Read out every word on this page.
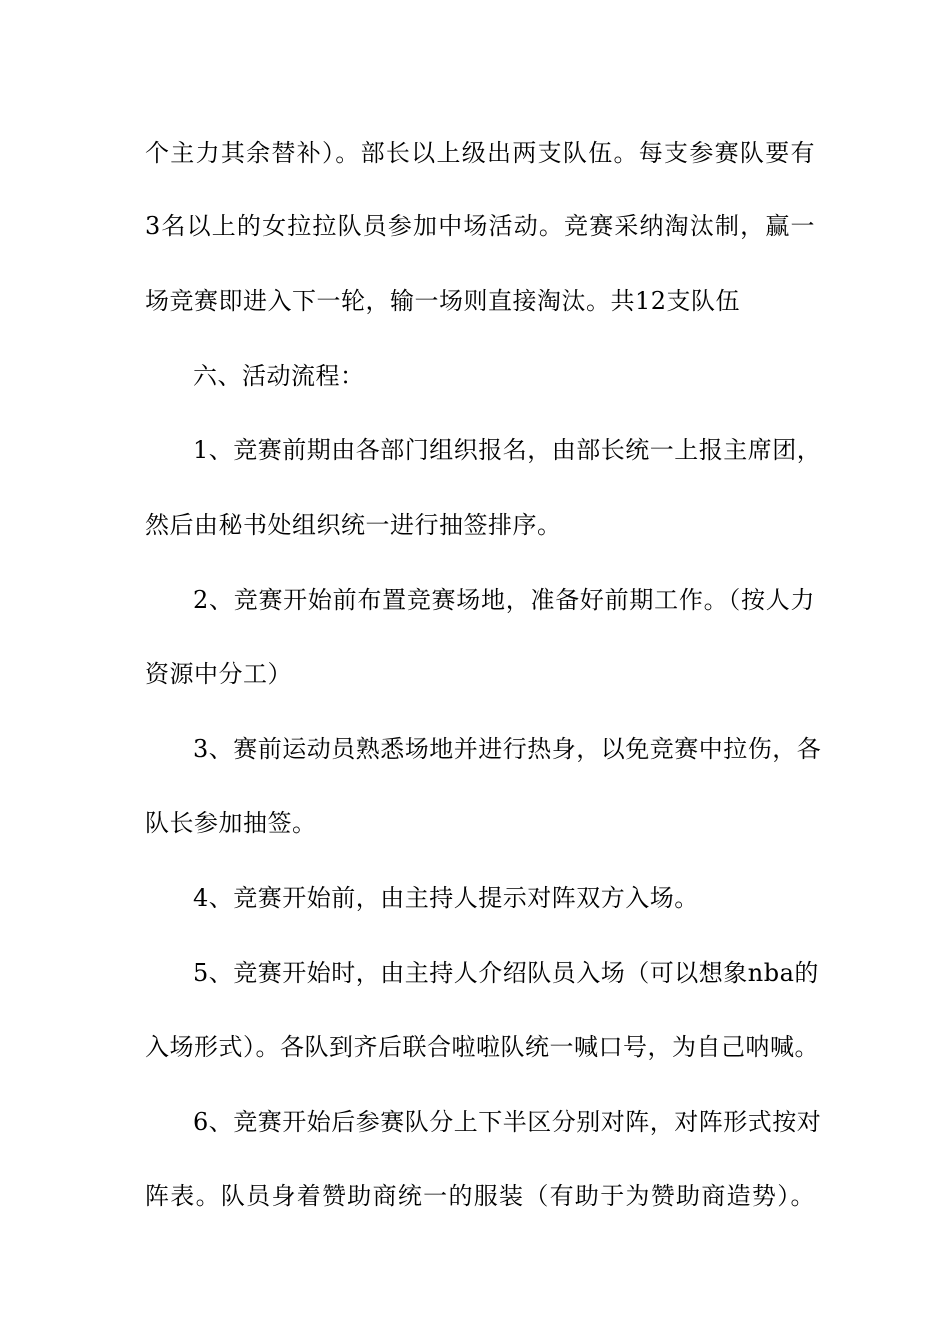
个主力其余替补）。部长以上级出两支队伍。每支参赛队要有
3名以上的女拉拉队员参加中场活动。竞赛采纳淘汰制，赢一
场竞赛即进入下一轮，输一场则直接淘汰。共12支队伍
六、活动流程：
1、竞赛前期由各部门组织报名，由部长统一上报主席团，
然后由秘书处组织统一进行抽签排序。
2、竞赛开始前布置竞赛场地，准备好前期工作。（按人力
资源中分工）
3、赛前运动员熟悉场地并进行热身，以免竞赛中拉伤，各
队长参加抽签。
4、竞赛开始前，由主持人提示对阵双方入场。
5、竞赛开始时，由主持人介绍队员入场（可以想象nba的
入场形式）。各队到齐后联合啦啦队统一喊口号，为自己呐喊。
6、竞赛开始后参赛队分上下半区分别对阵，对阵形式按对
阵表。队员身着赞助商统一的服装（有助于为赞助商造势）。
